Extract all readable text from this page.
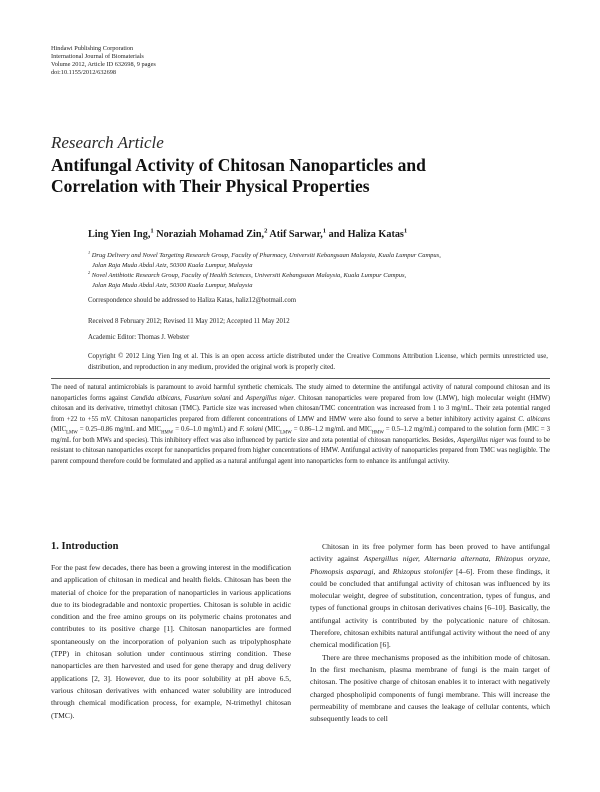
Hindawi Publishing Corporation
International Journal of Biomaterials
Volume 2012, Article ID 632698, 9 pages
doi:10.1155/2012/632698
Research Article
Antifungal Activity of Chitosan Nanoparticles and
Correlation with Their Physical Properties
Ling Yien Ing,$^1$ Noraziah Mohamad Zin,$^2$ Atif Sarwar,$^1$ and Haliza Katas$^1$
$^1$ Drug Delivery and Novel Targeting Research Group, Faculty of Pharmacy, Universiti Kebangsaan Malaysia, Kuala Lumpur Campus,
Jalan Raja Muda Abdul Aziz, 50300 Kuala Lumpur, Malaysia
$^2$ Novel Antibiotic Research Group, Faculty of Health Sciences, Universiti Kebangsaan Malaysia, Kuala Lumpur Campus,
Jalan Raja Muda Abdul Aziz, 50300 Kuala Lumpur, Malaysia
Correspondence should be addressed to Haliza Katas, haliz12@hotmail.com
Received 8 February 2012; Revised 11 May 2012; Accepted 11 May 2012
Academic Editor: Thomas J. Webster
Copyright © 2012 Ling Yien Ing et al. This is an open access article distributed under the Creative Commons Attribution License, which permits unrestricted use, distribution, and reproduction in any medium, provided the original work is properly cited.
The need of natural antimicrobials is paramount to avoid harmful synthetic chemicals. The study aimed to determine the antifungal activity of natural compound chitosan and its nanoparticles forms against Candida albicans, Fusarium solani and Aspergillus niger. Chitosan nanoparticles were prepared from low (LMW), high molecular weight (HMW) chitosan and its derivative, trimethyl chitosan (TMC). Particle size was increased when chitosan/TMC concentration was increased from 1 to 3 mg/mL. Their zeta potential ranged from +22 to +55 mV. Chitosan nanoparticles prepared from different concentrations of LMW and HMW were also found to serve a better inhibitory activity against C. albicans ($MIC_{LMW} = 0.25-0.86$ mg/mL and $MIC_{HMW} = 0.6-1.0$ mg/mL) and F. solani ($MIC_{LMW} = 0.86-1.2$ mg/mL and $MIC_{HMW} = 0.5-1.2$ mg/mL) compared to the solution form (MIC = 3 mg/mL for both MWs and species). This inhibitory effect was also influenced by particle size and zeta potential of chitosan nanoparticles. Besides, Aspergillus niger was found to be resistant to chitosan nanoparticles except for nanoparticles prepared from higher concentrations of HMW. Antifungal activity of nanoparticles prepared from TMC was negligible. The parent compound therefore could be formulated and applied as a natural antifungal agent into nanoparticles form to enhance its antifungal activity.
1. Introduction

For the past few decades, there has been a growing interest in the modification and application of chitosan in medical and health fields. Chitosan has been the material of choice for the preparation of nanoparticles in various applications due to its biodegradable and nontoxic properties. Chitosan is soluble in acidic condition and the free amino groups on its polymeric chains protonates and contributes to its positive charge [1]. Chitosan nanoparticles are formed spontaneously on the incorporation of polyanion such as tripolyphosphate (TPP) in chitosan solution under continuous stirring condition. These nanoparticles are then harvested and used for gene therapy and drug delivery applications [2, 3]. However, due to its poor solubility at pH above 6.5, various chitosan derivatives with enhanced water solubility are introduced through chemical modification process, for example, N-trimethyl chitosan (TMC).

Chitosan in its free polymer form has been proved to have antifungal activity against Aspergillus niger, Alternaria alternata, Rhizopus oryzae, Phomopsis asparagi, and Rhizopus stolonifer [4–6]. From these findings, it could be concluded that antifungal activity of chitosan was influenced by its molecular weight, degree of substitution, concentration, types of fungus, and types of functional groups in chitosan derivatives chains [6–10]. Basically, the antifungal activity is contributed by the polycationic nature of chitosan. Therefore, chitosan exhibits natural antifungal activity without the need of any chemical modification [6].

There are three mechanisms proposed as the inhibition mode of chitosan. In the first mechanism, plasma membrane of fungi is the main target of chitosan. The positive charge of chitosan enables it to interact with negatively charged phospholipid components of fungi membrane. This will increase the permeability of membrane and causes the leakage of cellular contents, which subsequently leads to cell
